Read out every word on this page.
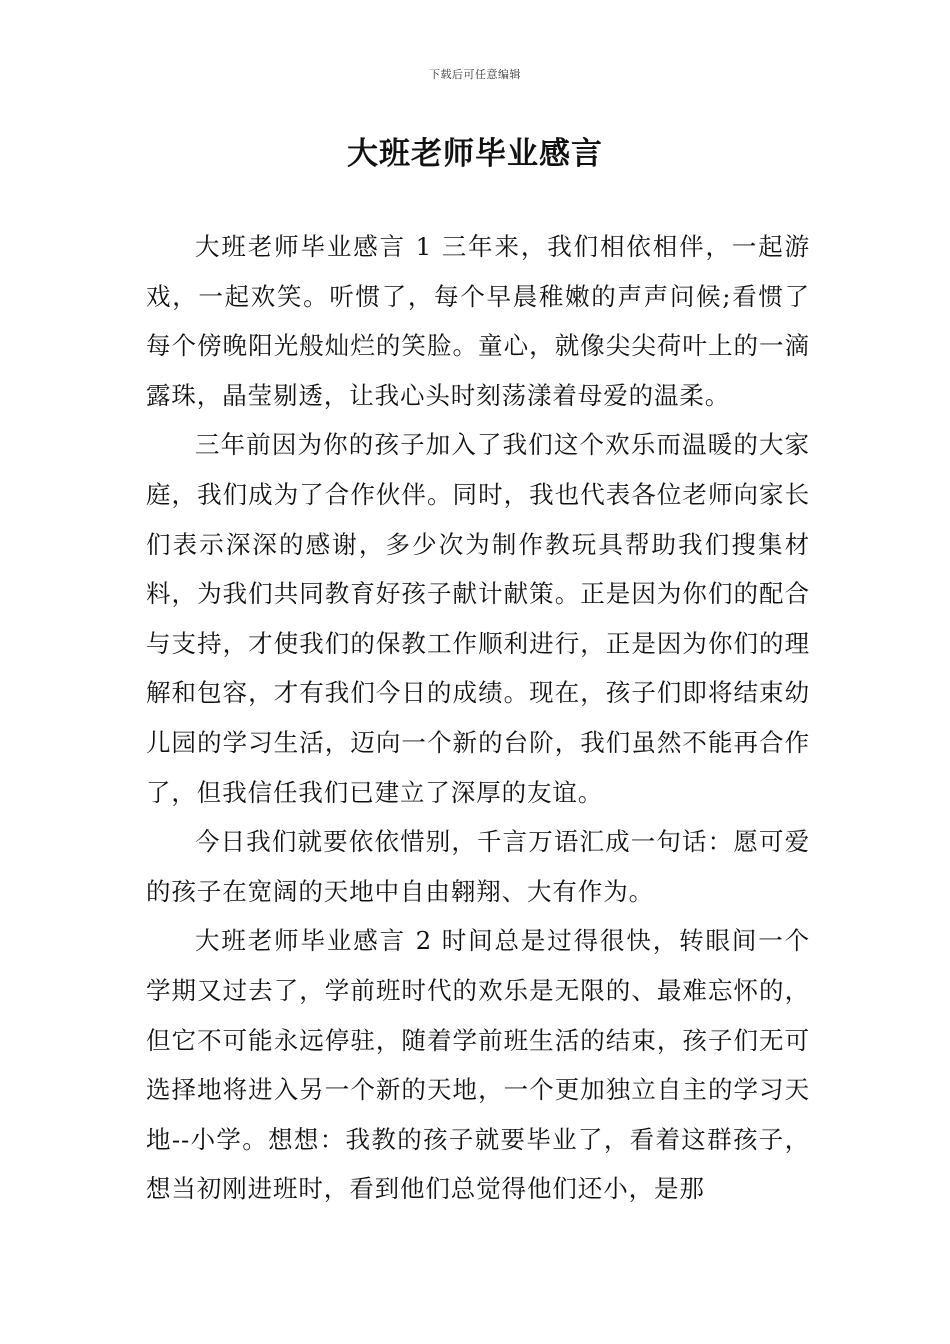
下载后可任意编辑
大班老师毕业感言

大班老师毕业感言 1 三年来，我们相依相伴，一起游戏，一起欢笑。听惯了，每个早晨稚嫩的声声问候;看惯了每个傍晚阳光般灿烂的笑脸。童心，就像尖尖荷叶上的一滴露珠，晶莹剔透，让我心头时刻荡漾着母爱的温柔。

三年前因为你的孩子加入了我们这个欢乐而温暖的大家庭，我们成为了合作伙伴。同时，我也代表各位老师向家长们表示深深的感谢，多少次为制作教玩具帮助我们搜集材料，为我们共同教育好孩子献计献策。正是因为你们的配合与支持，才使我们的保教工作顺利进行，正是因为你们的理解和包容，才有我们今日的成绩。现在，孩子们即将结束幼儿园的学习生活，迈向一个新的台阶，我们虽然不能再合作了，但我信任我们已建立了深厚的友谊。

今日我们就要依依惜别，千言万语汇成一句话：愿可爱的孩子在宽阔的天地中自由翱翔、大有作为。

大班老师毕业感言 2 时间总是过得很快，转眼间一个学期又过去了，学前班时代的欢乐是无限的、最难忘怀的，但它不可能永远停驻，随着学前班生活的结束，孩子们无可选择地将进入另一个新的天地，一个更加独立自主的学习天地--小学。想想：我教的孩子就要毕业了，看着这群孩子，想当初刚进班时，看到他们总觉得他们还小，是那
